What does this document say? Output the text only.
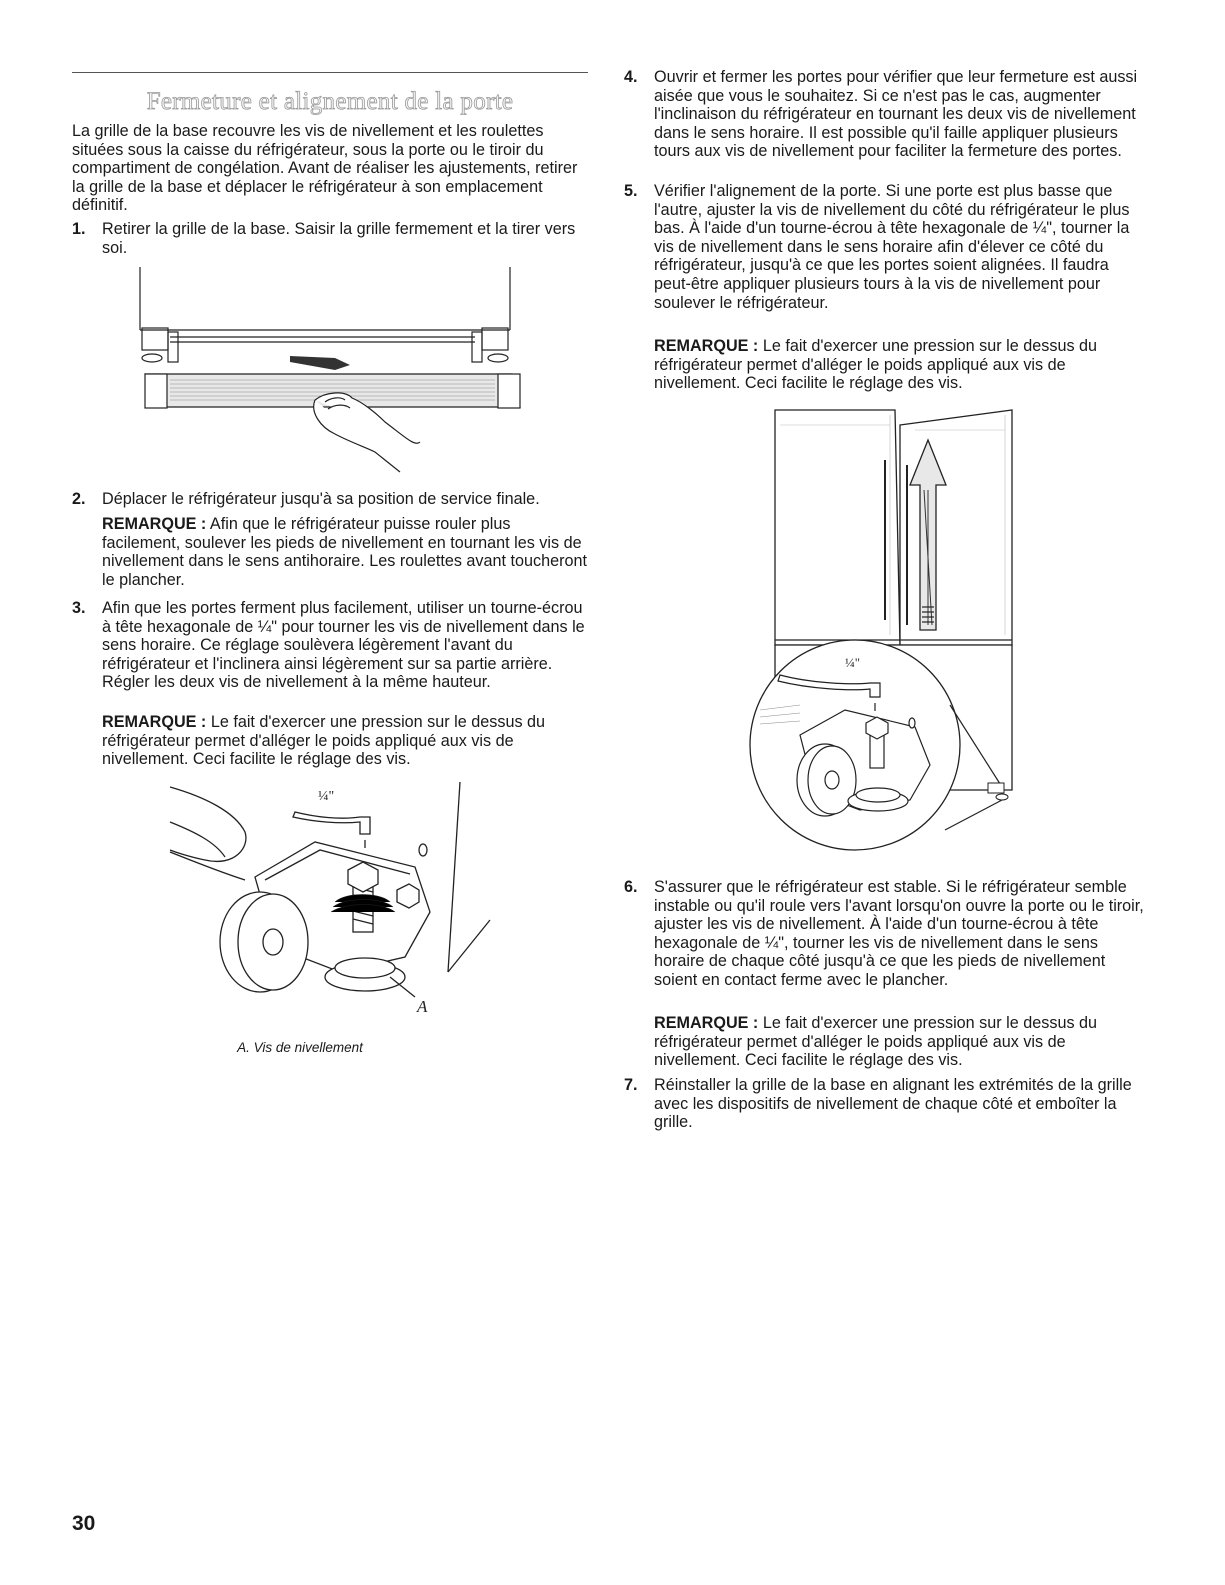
Fermeture et alignement de la porte

La grille de la base recouvre les vis de nivellement et les roulettes situées sous la caisse du réfrigérateur, sous la porte ou le tiroir du compartiment de congélation. Avant de réaliser les ajustements, retirer la grille de la base et déplacer le réfrigérateur à son emplacement définitif.

1. Retirer la grille de la base. Saisir la grille fermement et la tirer vers soi.
2. Déplacer le réfrigérateur jusqu'à sa position de service finale.
REMARQUE : Afin que le réfrigérateur puisse rouler plus facilement, soulever les pieds de nivellement en tournant les vis de nivellement dans le sens antihoraire. Les roulettes avant toucheront le plancher.
3. Afin que les portes ferment plus facilement, utiliser un tourne-écrou à tête hexagonale de ¼" pour tourner les vis de nivellement dans le sens horaire. Ce réglage soulèvera légèrement l'avant du réfrigérateur et l'inclinera ainsi légèrement sur sa partie arrière. Régler les deux vis de nivellement à la même hauteur.
REMARQUE : Le fait d'exercer une pression sur le dessus du réfrigérateur permet d'alléger le poids appliqué aux vis de nivellement. Ceci facilite le réglage des vis.
¼"
A
A. Vis de nivellement
4. Ouvrir et fermer les portes pour vérifier que leur fermeture est aussi aisée que vous le souhaitez. Si ce n'est pas le cas, augmenter l'inclinaison du réfrigérateur en tournant les deux vis de nivellement dans le sens horaire. Il est possible qu'il faille appliquer plusieurs tours aux vis de nivellement pour faciliter la fermeture des portes.
5. Vérifier l'alignement de la porte. Si une porte est plus basse que l'autre, ajuster la vis de nivellement du côté du réfrigérateur le plus bas. À l'aide d'un tourne-écrou à tête hexagonale de ¼", tourner la vis de nivellement dans le sens horaire afin d'élever ce côté du réfrigérateur, jusqu'à ce que les portes soient alignées. Il faudra peut-être appliquer plusieurs tours à la vis de nivellement pour soulever le réfrigérateur.
REMARQUE : Le fait d'exercer une pression sur le dessus du réfrigérateur permet d'alléger le poids appliqué aux vis de nivellement. Ceci facilite le réglage des vis.
¼"
6. S'assurer que le réfrigérateur est stable. Si le réfrigérateur semble instable ou qu'il roule vers l'avant lorsqu'on ouvre la porte ou le tiroir, ajuster les vis de nivellement. À l'aide d'un tourne-écrou à tête hexagonale de ¼", tourner les vis de nivellement dans le sens horaire de chaque côté jusqu'à ce que les pieds de nivellement soient en contact ferme avec le plancher.
REMARQUE : Le fait d'exercer une pression sur le dessus du réfrigérateur permet d'alléger le poids appliqué aux vis de nivellement. Ceci facilite le réglage des vis.
7. Réinstaller la grille de la base en alignant les extrémités de la grille avec les dispositifs de nivellement de chaque côté et emboîter la grille.
30
